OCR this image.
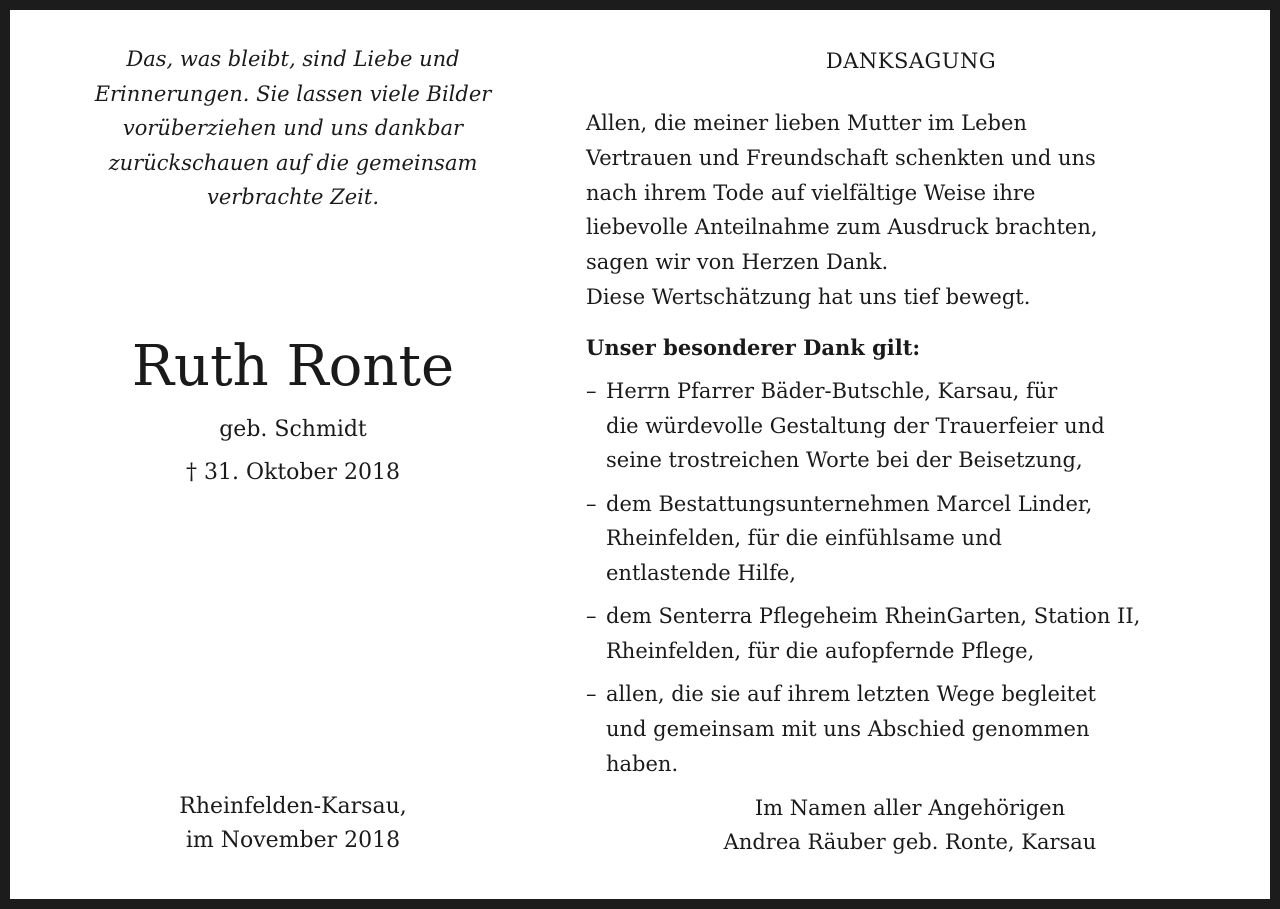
Das, was bleibt, sind Liebe und
Erinnerungen. Sie lassen viele Bilder
vorüberziehen und uns dankbar
zurückschauen auf die gemeinsam
verbrachte Zeit.
Ruth Ronte
geb. Schmidt
† 31. Oktober 2018
Rheinfelden-Karsau,
im November 2018
DANKSAGUNG
Allen, die meiner lieben Mutter im Leben
Vertrauen und Freundschaft schenkten und uns
nach ihrem Tode auf vielfältige Weise ihre
liebevolle Anteilnahme zum Ausdruck brachten,
sagen wir von Herzen Dank.
Diese Wertschätzung hat uns tief bewegt.
Unser besonderer Dank gilt:
– Herrn Pfarrer Bäder-Butschle, Karsau, für
die würdevolle Gestaltung der Trauerfeier und
seine trostreichen Worte bei der Beisetzung,
– dem Bestattungsunternehmen Marcel Linder,
Rheinfelden, für die einfühlsame und
entlastende Hilfe,
– dem Senterra Pflegeheim RheinGarten, Station II,
Rheinfelden, für die aufopfernde Pflege,
– allen, die sie auf ihrem letzten Wege begleitet
und gemeinsam mit uns Abschied genommen
haben.
Im Namen aller Angehörigen
Andrea Räuber geb. Ronte, Karsau
